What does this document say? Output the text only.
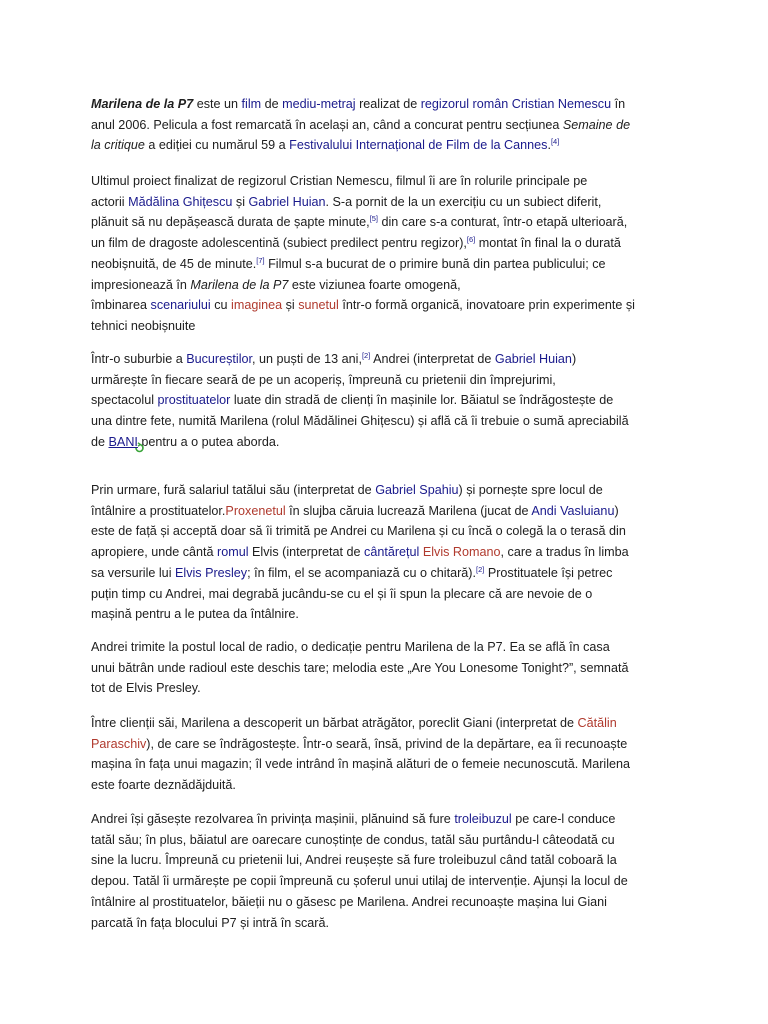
Marilena de la P7 este un film de mediu-metraj realizat de regizorul român Cristian Nemescu în
anul 2006. Pelicula a fost remarcată în același an, când a concurat pentru secțiunea Semaine de
la critique a ediției cu numărul 59 a Festivalului Internațional de Film de la Cannes.[4]

Ultimul proiect finalizat de regizorul Cristian Nemescu, filmul îi are în rolurile principale pe
actorii Mădălina Ghițescu și Gabriel Huian. S-a pornit de la un exercițiu cu un subiect diferit,
plănuit să nu depășească durata de șapte minute,[5] din care s-a conturat, într-o etapă ulterioară,
un film de dragoste adolescentină (subiect predilect pentru regizor),[6] montat în final la o durată
neobișnuită, de 45 de minute.[7] Filmul s-a bucurat de o primire bună din partea publicului; ce
impresionează în Marilena de la P7 este viziunea foarte omogenă,
îmbinarea scenariului cu imaginea și sunetul într-o formă organică, inovatoare prin experimente și
tehnici neobișnuite

Într-o suburbie a Bucureștilor, un puști de 13 ani,[2] Andrei (interpretat de Gabriel Huian)
urmărește în fiecare seară de pe un acoperiș, împreună cu prietenii din împrejurimi,
spectacolul prostituatelor luate din stradă de clienți în mașinile lor. Băiatul se îndrăgostește de
una dintre fete, numită Marilena (rolul Mădălinei Ghițescu) și află că îi trebuie o sumă apreciabilă
de BANI
pentru a o putea aborda.

Prin urmare, fură salariul tatălui său (interpretat de Gabriel Spahiu) și pornește spre locul de
întâlnire a prostituatelor.Proxenetul în slujba căruia lucrează Marilena (jucat de Andi Vasluianu)
este de față și acceptă doar să îi trimită pe Andrei cu Marilena și cu încă o colegă la o terasă din
apropiere, unde cântă romul Elvis (interpretat de cântărețul Elvis Romano, care a tradus în limba
sa versurile lui Elvis Presley; în film, el se acompaniază cu o chitară).[2] Prostituatele își petrec
puțin timp cu Andrei, mai degrabă jucându-se cu el și îi spun la plecare că are nevoie de o
mașină pentru a le putea da întâlnire.

Andrei trimite la postul local de radio, o dedicație pentru Marilena de la P7. Ea se află în casa
unui bătrân unde radioul este deschis tare; melodia este „Are You Lonesome Tonight?”, semnată
tot de Elvis Presley.

Între clienții săi, Marilena a descoperit un bărbat atrăgător, poreclit Giani (interpretat de Cătălin
Paraschiv), de care se îndrăgostește. Într-o seară, însă, privind de la depărtare, ea îi recunoaște
mașina în fața unui magazin; îl vede intrând în mașină alături de o femeie necunoscută. Marilena
este foarte deznădăjduită.

Andrei își găsește rezolvarea în privința mașinii, plănuind să fure troleibuzul pe care-l conduce
tatăl său; în plus, băiatul are oarecare cunoștințe de condus, tatăl său purtându-l câteodată cu
sine la lucru. Împreună cu prietenii lui, Andrei reușește să fure troleibuzul când tatăl coboară la
depou. Tatăl îi urmărește pe copii împreună cu șoferul unui utilaj de intervenție. Ajunși la locul de
întâlnire al prostituatelor, băieții nu o găsesc pe Marilena. Andrei recunoaște mașina lui Giani
parcată în fața blocului P7 și intră în scară.
